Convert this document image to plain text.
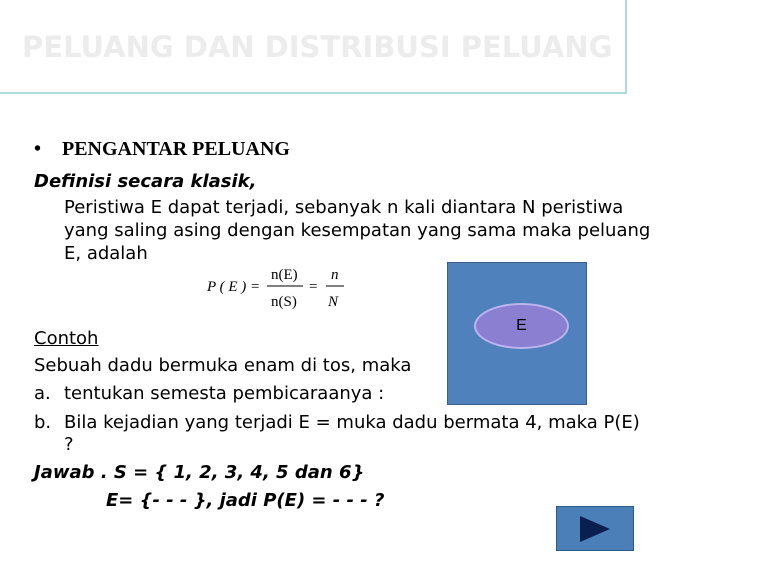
PELUANG DAN DISTRIBUSI PELUANG
• PENGANTAR PELUANG
Definisi secara klasik,
Peristiwa E dapat terjadi, sebanyak n kali diantara N peristiwa
yang saling asing dengan kesempatan yang sama maka peluang
E, adalah
P ( E ) =
n(E)
n(S)
=
n
N
E
Contoh
Sebuah dadu bermuka enam di tos, maka
a. tentukan semesta pembicaraanya :
b. Bila kejadian yang terjadi E = muka dadu bermata 4, maka P(E)
?
Jawab . S = { 1, 2, 3, 4, 5 dan 6}
E= {- - - }, jadi P(E) = - - - ?
